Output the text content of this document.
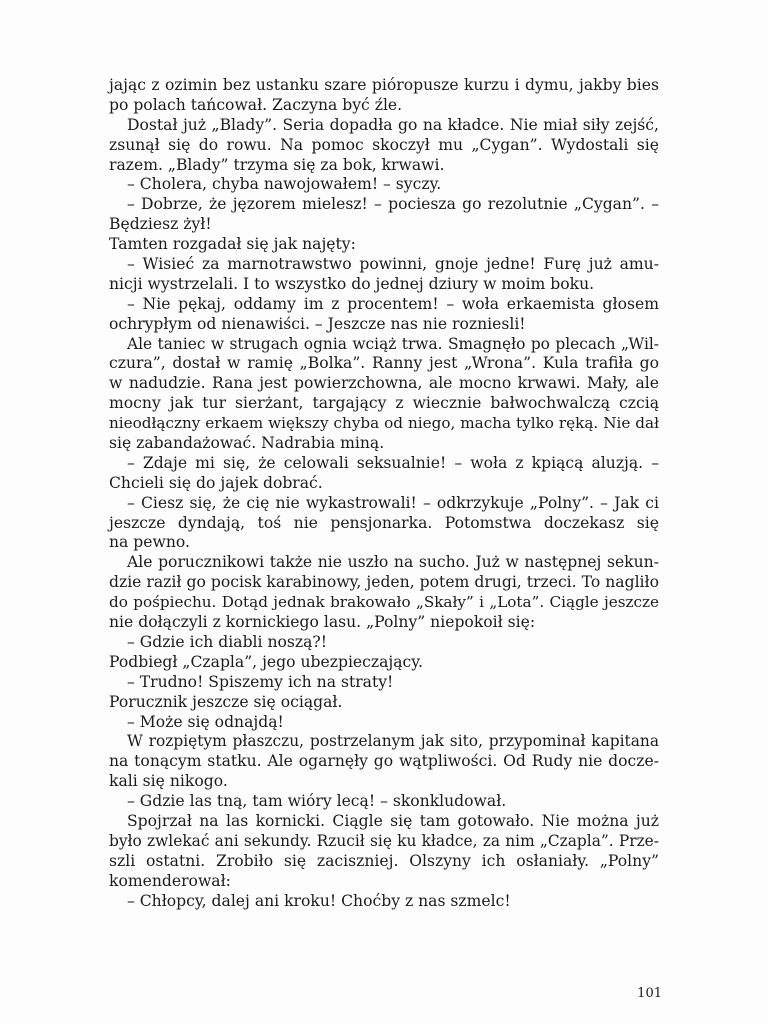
jając z ozimin bez ustanku szare pióropusze kurzu i dymu, jakby bies
po polach tańcował. Zaczyna być źle.
Dostał już „Blady”. Seria dopadła go na kładce. Nie miał siły zejść,
zsunął się do rowu. Na pomoc skoczył mu „Cygan”. Wydostali się
razem. „Blady” trzyma się za bok, krwawi.
– Cholera, chyba nawojowałem! – syczy.
– Dobrze, że jęzorem mielesz! – pociesza go rezolutnie „Cygan”. –
Będziesz żył!
Tamten rozgadał się jak najęty:
– Wisieć za marnotrawstwo powinni, gnoje jedne! Furę już amu-
nicji wystrzelali. I to wszystko do jednej dziury w moim boku.
– Nie pękaj, oddamy im z procentem! – woła erkaemista głosem
ochrypłym od nienawiści. – Jeszcze nas nie rozniesli!
Ale taniec w strugach ognia wciąż trwa. Smagnęło po plecach „Wil-
czura”, dostał w ramię „Bolka”. Ranny jest „Wrona”. Kula trafiła go
w nadudzie. Rana jest powierzchowna, ale mocno krwawi. Mały, ale
mocny jak tur sierżant, targający z wiecznie bałwochwalczą czcią
nieodłączny erkaem większy chyba od niego, macha tylko ręką. Nie dał
się zabandażować. Nadrabia miną.
– Zdaje mi się, że celowali seksualnie! – woła z kpiącą aluzją. –
Chcieli się do jajek dobrać.
– Ciesz się, że cię nie wykastrowali! – odkrzykuje „Polny”. – Jak ci
jeszcze dyndają, toś nie pensjonarka. Potomstwa doczekasz się
na pewno.
Ale porucznikowi także nie uszło na sucho. Już w następnej sekun-
dzie raził go pocisk karabinowy, jeden, potem drugi, trzeci. To nagliło
do pośpiechu. Dotąd jednak brakowało „Skały” i „Lota”. Ciągle jeszcze
nie dołączyli z kornickiego lasu. „Polny” niepokoił się:
– Gdzie ich diabli noszą?!
Podbiegł „Czapla”, jego ubezpieczający.
– Trudno! Spiszemy ich na straty!
Porucznik jeszcze się ociągał.
– Może się odnajdą!
W rozpiętym płaszczu, postrzelanym jak sito, przypominał kapitana
na tonącym statku. Ale ogarnęły go wątpliwości. Od Rudy nie docze-
kali się nikogo.
– Gdzie las tną, tam wióry lecą! – skonkludował.
Spojrzał na las kornicki. Ciągle się tam gotowało. Nie można już
było zwlekać ani sekundy. Rzucił się ku kładce, za nim „Czapla”. Prze-
szli ostatni. Zrobiło się zaciszniej. Olszyny ich osłaniały. „Polny”
komenderował:
– Chłopcy, dalej ani kroku! Choćby z nas szmelc!
101
